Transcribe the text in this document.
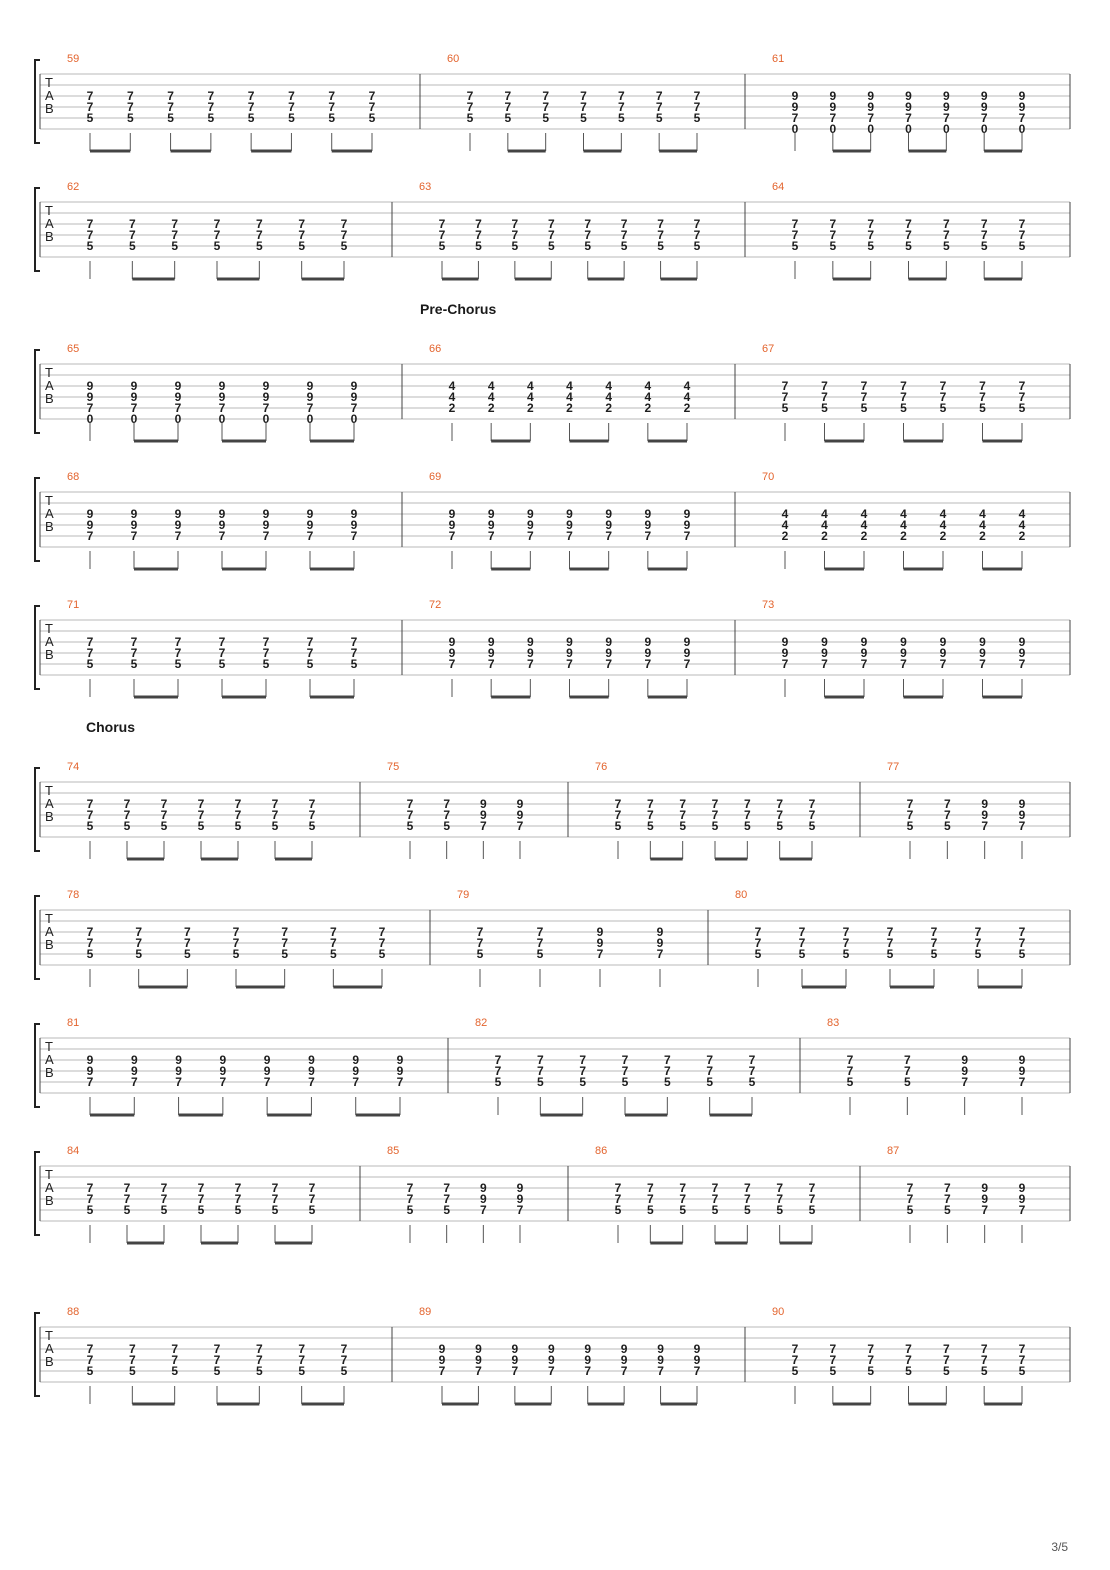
T
A
B
59
5
7
7
5
7
7
5
7
7
5
7
7
5
7
7
5
7
7
5
7
7
5
7
7
60
5
7
7
5
7
7
5
7
7
5
7
7
5
7
7
5
7
7
5
7
7
61
0
7
9
9
0
7
9
9
0
7
9
9
0
7
9
9
0
7
9
9
0
7
9
9
0
7
9
9
T
A
B
62
5
7
7
5
7
7
5
7
7
5
7
7
5
7
7
5
7
7
5
7
7
63
5
7
7
5
7
7
5
7
7
5
7
7
5
7
7
5
7
7
5
7
7
5
7
7
64
5
7
7
5
7
7
5
7
7
5
7
7
5
7
7
5
7
7
5
7
7
T
A
B
Pre-Chorus
65
0
7
9
9
0
7
9
9
0
7
9
9
0
7
9
9
0
7
9
9
0
7
9
9
0
7
9
9
66
2
4
4
2
4
4
2
4
4
2
4
4
2
4
4
2
4
4
2
4
4
67
5
7
7
5
7
7
5
7
7
5
7
7
5
7
7
5
7
7
5
7
7
T
A
B
68
7
9
9
7
9
9
7
9
9
7
9
9
7
9
9
7
9
9
7
9
9
69
7
9
9
7
9
9
7
9
9
7
9
9
7
9
9
7
9
9
7
9
9
70
2
4
4
2
4
4
2
4
4
2
4
4
2
4
4
2
4
4
2
4
4
T
A
B
71
5
7
7
5
7
7
5
7
7
5
7
7
5
7
7
5
7
7
5
7
7
72
7
9
9
7
9
9
7
9
9
7
9
9
7
9
9
7
9
9
7
9
9
73
7
9
9
7
9
9
7
9
9
7
9
9
7
9
9
7
9
9
7
9
9
T
A
B
Chorus
74
5
7
7
5
7
7
5
7
7
5
7
7
5
7
7
5
7
7
5
7
7
75
5
7
7
5
7
7
7
9
9
7
9
9
76
5
7
7
5
7
7
5
7
7
5
7
7
5
7
7
5
7
7
5
7
7
77
5
7
7
5
7
7
7
9
9
7
9
9
T
A
B
78
5
7
7
5
7
7
5
7
7
5
7
7
5
7
7
5
7
7
5
7
7
79
5
7
7
5
7
7
7
9
9
7
9
9
80
5
7
7
5
7
7
5
7
7
5
7
7
5
7
7
5
7
7
5
7
7
T
A
B
81
7
9
9
7
9
9
7
9
9
7
9
9
7
9
9
7
9
9
7
9
9
7
9
9
82
5
7
7
5
7
7
5
7
7
5
7
7
5
7
7
5
7
7
5
7
7
83
5
7
7
5
7
7
7
9
9
7
9
9
T
A
B
84
5
7
7
5
7
7
5
7
7
5
7
7
5
7
7
5
7
7
5
7
7
85
5
7
7
5
7
7
7
9
9
7
9
9
86
5
7
7
5
7
7
5
7
7
5
7
7
5
7
7
5
7
7
5
7
7
87
5
7
7
5
7
7
7
9
9
7
9
9
T
A
B
88
5
7
7
5
7
7
5
7
7
5
7
7
5
7
7
5
7
7
5
7
7
89
7
9
9
7
9
9
7
9
9
7
9
9
7
9
9
7
9
9
7
9
9
7
9
9
90
5
7
7
5
7
7
5
7
7
5
7
7
5
7
7
5
7
7
5
7
7
3/5
